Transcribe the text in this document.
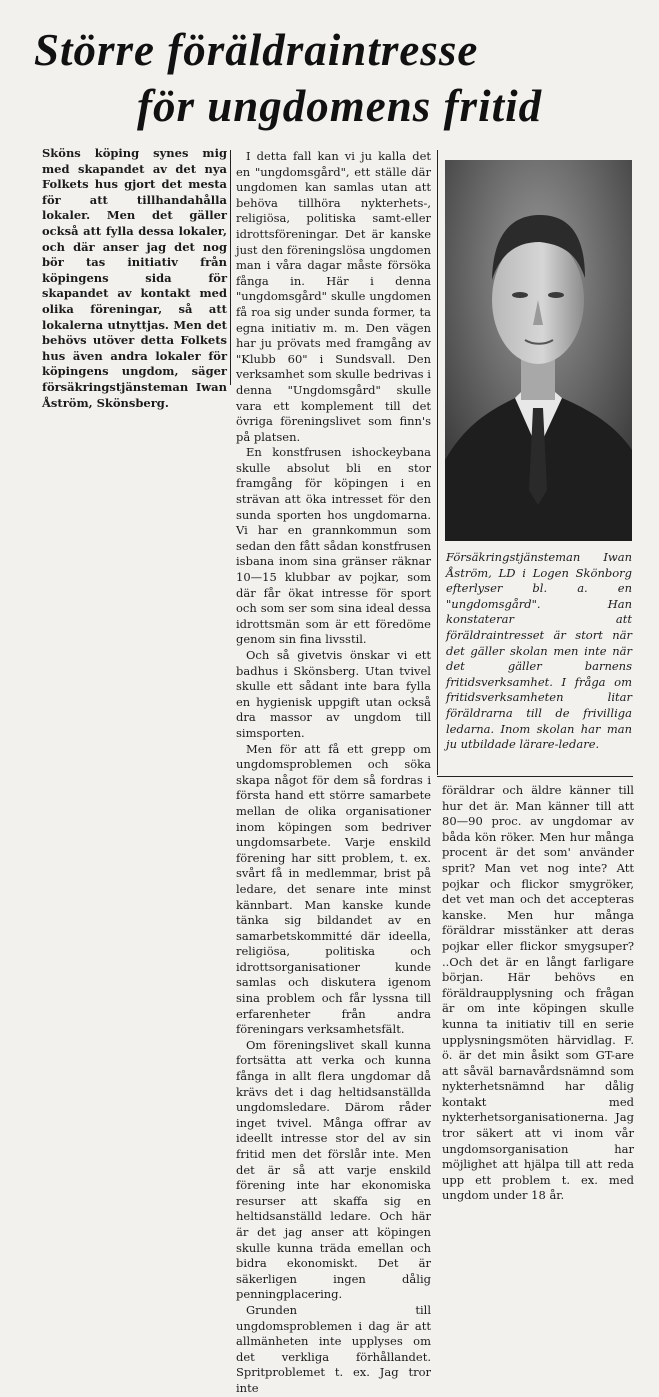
Större föräldraintresse
för ungdomens fritid

Sköns köping synes mig med skapandet av det nya Folkets hus gjort det mesta för att tillhandahålla lokaler. Men det gäller också att fylla dessa lokaler, och där anser jag det nog bör tas initiativ från köpingens sida för skapandet av kontakt med olika föreningar, så att lokalerna utnyttjas. Men det behövs utöver detta Folkets hus även andra lokaler för köpingens ungdom, säger försäkringstjänsteman Iwan Åström, Skönsberg.

I detta fall kan vi ju kalla det en "ungdomsgård", ett ställe där ungdomen kan samlas utan att behöva tillhöra nykterhets-, religiösa, politiska samt-eller idrottsföreningar. Det är kanske just den föreningslösa ungdomen man i våra dagar måste försöka fånga in. Här i denna "ungdomsgård" skulle ungdomen få roa sig under sunda former, ta egna initiativ m. m. Den vägen har ju prövats med framgång av "Klubb 60" i Sundsvall. Den verksamhet som skulle bedrivas i denna "Ungdomsgård" skulle vara ett komplement till det övriga föreningslivet som finn's på platsen.

En konstfrusen ishockeybana skulle absolut bli en stor framgång för köpingen i en strävan att öka intresset för den sunda sporten hos ungdomarna. Vi har en grannkommun som sedan den fått sådan konstfrusen isbana inom sina gränser räknar 10—15 klubbar av pojkar, som där får ökat intresse för sport och som ser som sina ideal dessa idrottsmän som är ett föredöme genom sin fina livsstil.

Och så givetvis önskar vi ett badhus i Skönsberg. Utan tvivel skulle ett sådant inte bara fylla en hygienisk uppgift utan också dra massor av ungdom till simsporten.

Men för att få ett grepp om ungdomsproblemen och söka skapa något för dem så fordras i första hand ett större samarbete mellan de olika organisationer inom köpingen som bedriver ungdomsarbete. Varje enskild förening har sitt problem, t. ex. svårt få in medlemmar, brist på ledare, det senare inte minst kännbart. Man kanske kunde tänka sig bildandet av en samarbetskommitté där ideella, religiösa, politiska och idrottsorganisationer kunde samlas och diskutera igenom sina problem och får lyssna till erfarenheter från andra föreningars verksamhetsfält.

Om föreningslivet skall kunna fortsätta att verka och kunna fånga in allt flera ungdomar då krävs det i dag heltidsanställda ungdomsledare. Därom råder inget tvivel. Många offrar av ideellt intresse stor del av sin fritid men det förslår inte. Men det är så att varje enskild förening inte har ekonomiska resurser att skaffa sig en heltidsanställd ledare. Och här är det jag anser att köpingen skulle kunna träda emellan och bidra ekonomiskt. Det är säkerligen ingen dålig penningplacering.

Grunden till ungdomsproblemen i dag är att allmänheten inte upplyses om det verkliga förhållandet. Spritproblemet t. ex. Jag tror inte

Försäkringstjänsteman Iwan Åström, LD i Logen Skönborg efterlyser bl. a. en "ungdomsgård". Han konstaterar att föräldraintresset är stort när det gäller skolan men inte när det gäller barnens fritidsverksamhet. I fråga om fritidsverksamheten litar föräldrarna till de frivilliga ledarna. Inom skolan har man ju utbildade lärare-ledare.

föräldrar och äldre känner till hur det är. Man känner till att 80—90 proc. av ungdomar av båda kön röker. Men hur många procent är det som' använder sprit? Man vet nog inte? Att pojkar och flickor smygröker, det vet man och det accepteras kanske. Men hur många föräldrar misstänker att deras pojkar eller flickor smygsuper? ..Och det är en långt farligare början. Här behövs en föräldraupplysning och frågan är om inte köpingen skulle kunna ta initiativ till en serie upplysningsmöten härvidlag. F. ö. är det min åsikt som GT-are att såväl barnavårdsnämnd som nykterhetsnämnd har dålig kontakt med nykterhetsorganisationerna. Jag tror säkert att vi inom vår ungdomsorganisation har möjlighet att hjälpa till att reda upp ett problem t. ex. med ungdom under 18 år.
